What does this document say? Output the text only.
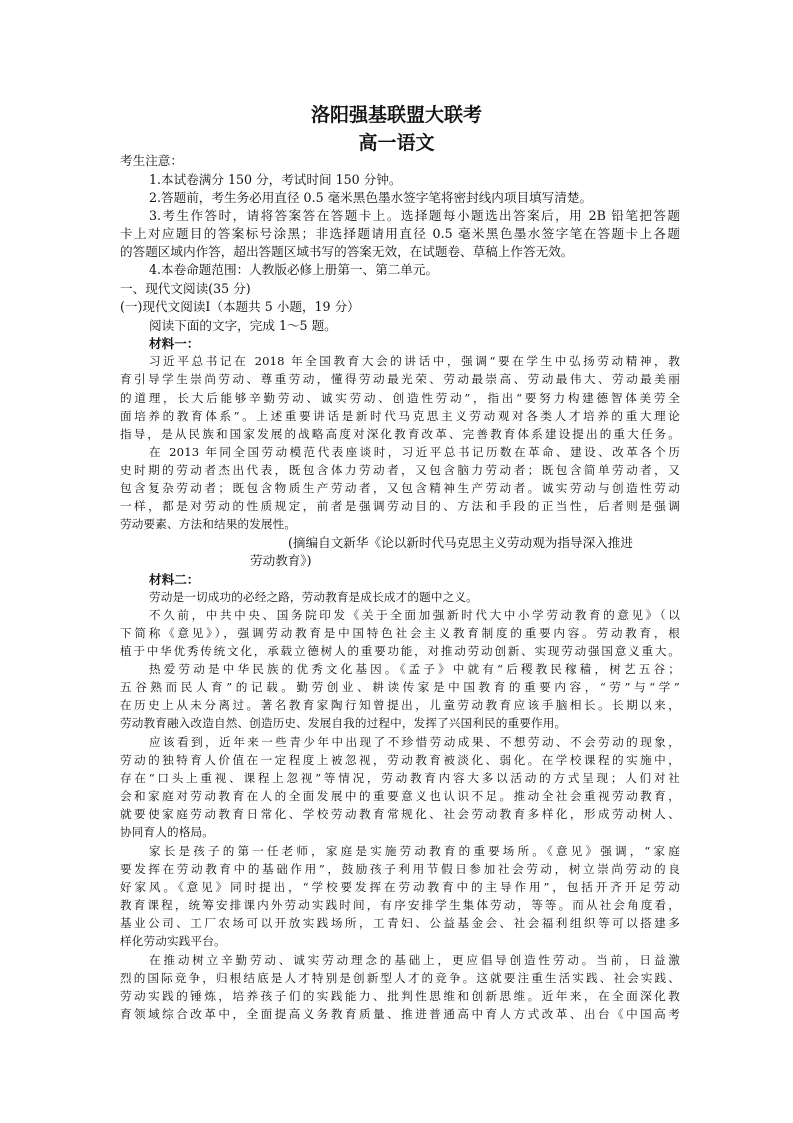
洛阳强基联盟大联考
高一语文
考生注意：
1.本试卷满分 150 分，考试时间 150 分钟。
2.答题前，考生务必用直径 0.5 毫米黑色墨水签字笔将密封线内项目填写清楚。
3.考生作答时，请将答案答在答题卡上。选择题每小题选出答案后，用 2B 铅笔把答题
卡上对应题目的答案标号涂黑；非选择题请用直径 0.5 毫米黑色墨水签字笔在答题卡上各题
的答题区域内作答，超出答题区域书写的答案无效，在试题卷、草稿上作答无效。
4.本卷命题范围：人教版必修上册第一、第二单元。
一、现代文阅读(35 分)
(一)现代文阅读Ⅰ（本题共 5 小题，19 分）
阅读下面的文字，完成 1～5 题。
材料一：
习近平总书记在 2018 年全国教育大会的讲话中，强调“要在学生中弘扬劳动精神，教
育引导学生崇尚劳动、尊重劳动，懂得劳动最光荣、劳动最崇高、劳动最伟大、劳动最美丽
的道理，长大后能够辛勤劳动、诚实劳动、创造性劳动”，指出“要努力构建德智体美劳全
面培养的教育体系”。上述重要讲话是新时代马克思主义劳动观对各类人才培养的重大理论
指导，是从民族和国家发展的战略高度对深化教育改革、完善教育体系建设提出的重大任务。
在 2013 年同全国劳动模范代表座谈时，习近平总书记历数在革命、建设、改革各个历
史时期的劳动者杰出代表，既包含体力劳动者，又包含脑力劳动者；既包含简单劳动者，又
包含复杂劳动者；既包含物质生产劳动者，又包含精神生产劳动者。诚实劳动与创造性劳动
一样，都是对劳动的性质规定，前者是强调劳动目的、方法和手段的正当性，后者则是强调
劳动要素、方法和结果的发展性。
(摘编自文新华《论以新时代马克思主义劳动观为指导深入推进
劳动教育》)
材料二：
劳动是一切成功的必经之路，劳动教育是成长成才的题中之义。
不久前，中共中央、国务院印发《关于全面加强新时代大中小学劳动教育的意见》（以
下简称《意见》），强调劳动教育是中国特色社会主义教育制度的重要内容。劳动教育，根
植于中华优秀传统文化，承载立德树人的重要功能，对推动劳动创新、实现劳动强国意义重大。
热爱劳动是中华民族的优秀文化基因。《孟子》中就有“后稷教民稼穑，树艺五谷；
五谷熟而民人育”的记载。勤劳创业、耕读传家是中国教育的重要内容，“劳”与“学”
在历史上从未分离过。著名教育家陶行知曾提出，儿童劳动教育应该手脑相长。长期以来，
劳动教育融入改造自然、创造历史、发展自我的过程中，发挥了兴国利民的重要作用。
应该看到，近年来一些青少年中出现了不珍惜劳动成果、不想劳动、不会劳动的现象，
劳动的独特育人价值在一定程度上被忽视，劳动教育被淡化、弱化。在学校课程的实施中，
存在“口头上重视、课程上忽视”等情况，劳动教育内容大多以活动的方式呈现；人们对社
会和家庭对劳动教育在人的全面发展中的重要意义也认识不足。推动全社会重视劳动教育，
就要使家庭劳动教育日常化、学校劳动教育常规化、社会劳动教育多样化，形成劳动树人、
协同育人的格局。
家长是孩子的第一任老师，家庭是实施劳动教育的重要场所。《意见》强调，“家庭
要发挥在劳动教育中的基础作用”，鼓励孩子利用节假日参加社会劳动，树立崇尚劳动的良
好家风。《意见》同时提出，“学校要发挥在劳动教育中的主导作用”，包括开齐开足劳动
教育课程，统筹安排课内外劳动实践时间，有序安排学生集体劳动，等等。而从社会角度看，
基业公司、工厂农场可以开放实践场所，工青妇、公益基金会、社会福利组织等可以搭建多
样化劳动实践平台。
在推动树立辛勤劳动、诚实劳动理念的基础上，更应倡导创造性劳动。当前，日益激
烈的国际竞争，归根结底是人才特别是创新型人才的竞争。这就要注重生活实践、社会实践、
劳动实践的锤炼，培养孩子们的实践能力、批判性思维和创新思维。近年来，在全面深化教
育领域综合改革中，全面提高义务教育质量、推进普通高中育人方式改革、出台《中国高考
